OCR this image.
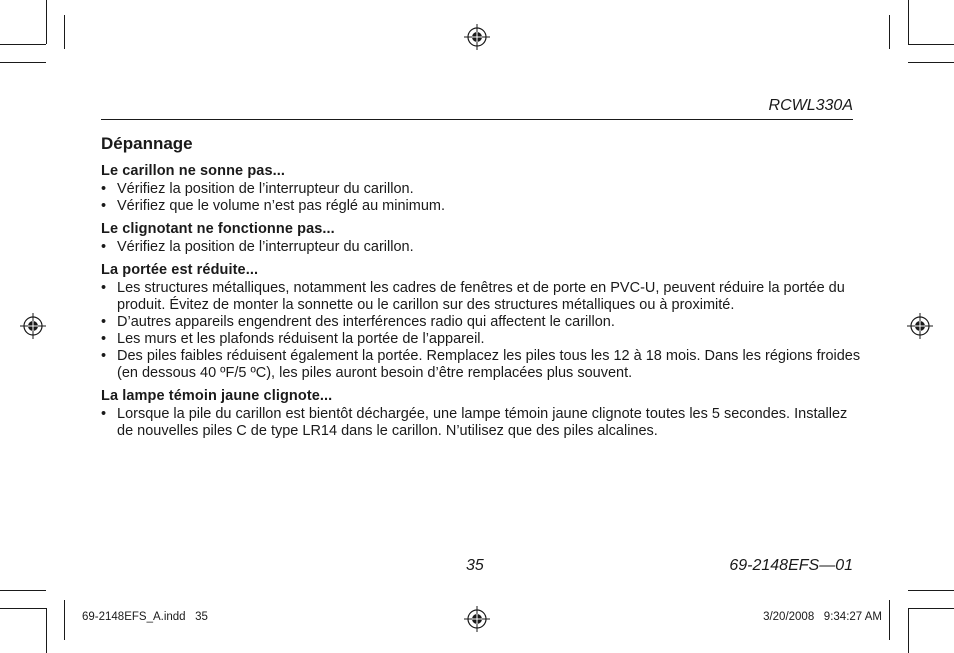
RCWL330A
Dépannage
Le carillon ne sonne pas...
• Vérifiez la position de l’interrupteur du carillon.
• Vérifiez que le volume n’est pas réglé au minimum.
Le clignotant ne fonctionne pas...
• Vérifiez la position de l’interrupteur du carillon.
La portée est réduite...
• Les structures métalliques, notamment les cadres de fenêtres et de porte en PVC-U, peuvent réduire la portée du produit. Évitez de monter la sonnette ou le carillon sur des structures métalliques ou à proximité.
• D’autres appareils engendrent des interférences radio qui affectent le carillon.
• Les murs et les plafonds réduisent la portée de l’appareil.
• Des piles faibles réduisent également la portée. Remplacez les piles tous les 12 à 18 mois. Dans les régions froides (en dessous 40 ºF/5 ºC), les piles auront besoin d’être remplacées plus souvent.
La lampe témoin jaune clignote...
• Lorsque la pile du carillon est bientôt déchargée, une lampe témoin jaune clignote toutes les 5 secondes. Installez de nouvelles piles C de type LR14 dans le carillon. N’utilisez que des piles alcalines.
35	69-2148EFS—01
69-2148EFS_A.indd   35	3/20/2008   9:34:27 AM
